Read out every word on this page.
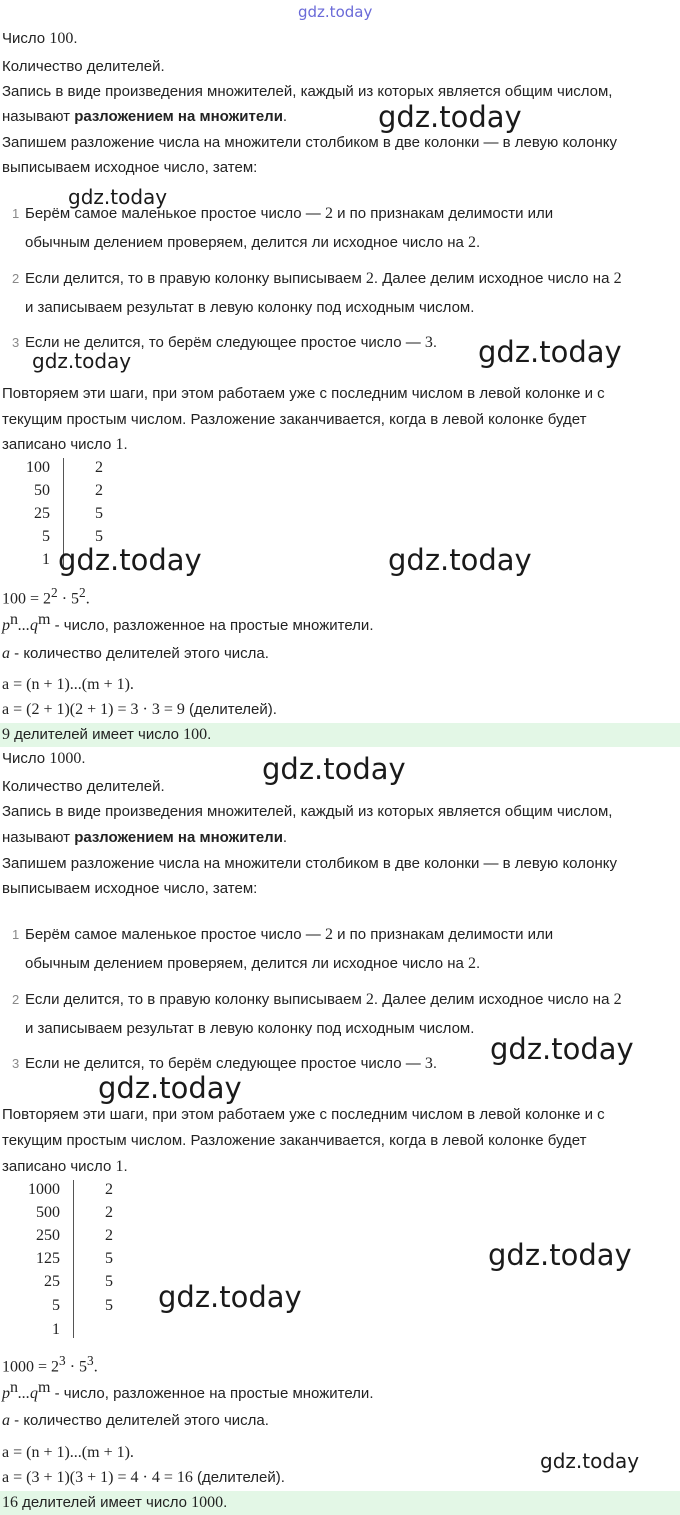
gdz.today
Число 100.
Количество делителей.
Запись в виде произведения множителей, каждый из которых является общим числом,
называют разложением на множители.
Запишем разложение числа на множители столбиком в две колонки — в левую колонку
выписываем исходное число, затем:
1 Берём самое маленькое простое число — 2 и по признакам делимости или
обычным делением проверяем, делится ли исходное число на 2.
2 Если делится, то в правую колонку выписываем 2. Далее делим исходное число на 2
и записываем результат в левую колонку под исходным числом.
3 Если не делится, то берём следующее простое число — 3.
Повторяем эти шаги, при этом работаем уже с последним числом в левой колонке и с
текущим простым числом. Разложение заканчивается, когда в левой колонке будет
записано число 1.
100
50
25
5
1
2
2
5
5
$100 = 2^2 \cdot 5^2$.
$p^n...q^m$ - число, разложенное на простые множители.
a - количество делителей этого числа.
a = (n + 1)...(m + 1).
a = (2 + 1)(2 + 1) = 3 · 3 = 9 (делителей).
9 делителей имеет число 100.
Число 1000.
Количество делителей.
Запись в виде произведения множителей, каждый из которых является общим числом,
называют разложением на множители.
Запишем разложение числа на множители столбиком в две колонки — в левую колонку
выписываем исходное число, затем:
1 Берём самое маленькое простое число — 2 и по признакам делимости или
обычным делением проверяем, делится ли исходное число на 2.
2 Если делится, то в правую колонку выписываем 2. Далее делим исходное число на 2
и записываем результат в левую колонку под исходным числом.
3 Если не делится, то берём следующее простое число — 3.
Повторяем эти шаги, при этом работаем уже с последним числом в левой колонке и с
текущим простым числом. Разложение заканчивается, когда в левой колонке будет
записано число 1.
1000
500
250
125
25
5
1
2
2
2
5
5
5
$1000 = 2^3 \cdot 5^3$.
$p^n...q^m$ - число, разложенное на простые множители.
a - количество делителей этого числа.
a = (n + 1)...(m + 1).
a = (3 + 1)(3 + 1) = 4 · 4 = 16 (делителей).
16 делителей имеет число 1000.
gdz.today
gdz.today
gdz.today	gdz.today
gdz.today	gdz.today
gdz.today
gdz.today
gdz.today
gdz.today
gdz.today
gdz.today
